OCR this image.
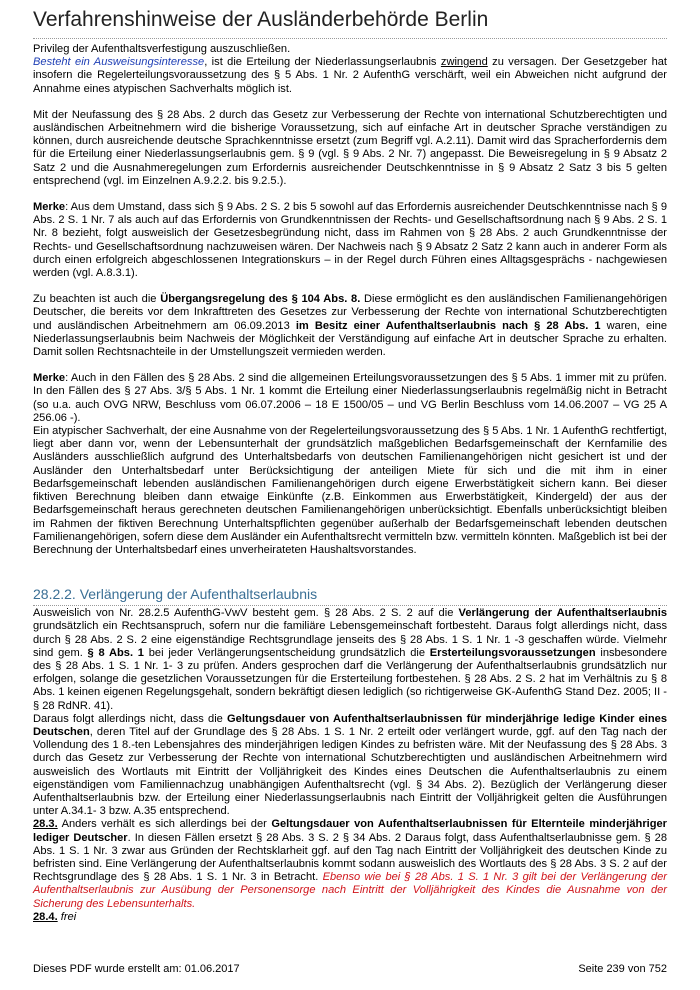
Verfahrenshinweise der Ausländerbehörde Berlin

Privileg der Aufenthaltsverfestigung auszuschließen.
Besteht ein Ausweisungsinteresse, ist die Erteilung der Niederlassungserlaubnis zwingend zu versagen. Der Gesetzgeber hat insofern die Regelerteilungsvoraussetzung des § 5 Abs. 1 Nr. 2 AufenthG verschärft, weil ein Abweichen nicht aufgrund der Annahme eines atypischen Sachverhalts möglich ist.

Mit der Neufassung des § 28 Abs. 2 durch das Gesetz zur Verbesserung der Rechte von international Schutzberechtigten und ausländischen Arbeitnehmern wird die bisherige Voraussetzung, sich auf einfache Art in deutscher Sprache verständigen zu können, durch ausreichende deutsche Sprachkenntnisse ersetzt (zum Begriff vgl. A.2.11). Damit wird das Spracherfordernis dem für die Erteilung einer Niederlassungserlaubnis gem. § 9 (vgl. § 9 Abs. 2 Nr. 7) angepasst. Die Beweisregelung in § 9 Absatz 2 Satz 2 und die Ausnahmeregelungen zum Erfordernis ausreichender Deutschkenntnisse in § 9 Absatz 2 Satz 3 bis 5 gelten entsprechend (vgl. im Einzelnen A.9.2.2. bis 9.2.5.).

Merke: Aus dem Umstand, dass sich § 9 Abs. 2 S. 2 bis 5 sowohl auf das Erfordernis ausreichender Deutschkenntnisse nach § 9 Abs. 2 S. 1 Nr. 7 als auch auf das Erfordernis von Grundkenntnissen der Rechts- und Gesellschaftsordnung nach § 9 Abs. 2 S. 1 Nr. 8 bezieht, folgt ausweislich der Gesetzesbegründung nicht, dass im Rahmen von § 28 Abs. 2 auch Grundkenntnisse der Rechts- und Gesellschaftsordnung nachzuweisen wären. Der Nachweis nach § 9 Absatz 2 Satz 2 kann auch in anderer Form als durch einen erfolgreich abgeschlossenen Integrationskurs – in der Regel durch Führen eines Alltagsgesprächs - nachgewiesen werden (vgl. A.8.3.1).

Zu beachten ist auch die Übergangsregelung des § 104 Abs. 8. Diese ermöglicht es den ausländischen Familienangehörigen Deutscher, die bereits vor dem Inkrafttreten des Gesetzes zur Verbesserung der Rechte von international Schutzberechtigten und ausländischen Arbeitnehmern am 06.09.2013 im Besitz einer Aufenthaltserlaubnis nach § 28 Abs. 1 waren, eine Niederlassungserlaubnis beim Nachweis der Möglichkeit der Verständigung auf einfache Art in deutscher Sprache zu erhalten. Damit sollen Rechtsnachteile in der Umstellungszeit vermieden werden.

Merke: Auch in den Fällen des § 28 Abs. 2 sind die allgemeinen Erteilungsvoraussetzungen des § 5 Abs. 1 immer mit zu prüfen. In den Fällen des § 27 Abs. 3/§ 5 Abs. 1 Nr. 1 kommt die Erteilung einer Niederlassungserlaubnis regelmäßig nicht in Betracht (so u.a. auch OVG NRW, Beschluss vom 06.07.2006 – 18 E 1500/05 – und VG Berlin Beschluss vom 14.06.2007 – VG 25 A 256.06 -).

Ein atypischer Sachverhalt, der eine Ausnahme von der Regelerteilungsvoraussetzung des § 5 Abs. 1 Nr. 1 AufenthG rechtfertigt, liegt aber dann vor, wenn der Lebensunterhalt der grundsätzlich maßgeblichen Bedarfsgemeinschaft der Kernfamilie des Ausländers ausschließlich aufgrund des Unterhaltsbedarfs von deutschen Familienangehörigen nicht gesichert ist und der Ausländer den Unterhaltsbedarf unter Berücksichtigung der anteiligen Miete für sich und die mit ihm in einer Bedarfsgemeinschaft lebenden ausländischen Familienangehörigen durch eigene Erwerbstätigkeit sichern kann. Bei dieser fiktiven Berechnung bleiben dann etwaige Einkünfte (z.B. Einkommen aus Erwerbstätigkeit, Kindergeld) der aus der Bedarfsgemeinschaft heraus gerechneten deutschen Familienangehörigen unberücksichtigt. Ebenfalls unberücksichtigt bleiben im Rahmen der fiktiven Berechnung Unterhaltspflichten gegenüber außerhalb der Bedarfsgemeinschaft lebenden deutschen Familienangehörigen, sofern diese dem Ausländer ein Aufenthaltsrecht vermitteln bzw. vermitteln könnten. Maßgeblich ist bei der Berechnung der Unterhaltsbedarf eines unverheirateten Haushaltsvorstandes.

28.2.2. Verlängerung der Aufenthaltserlaubnis

Ausweislich von Nr. 28.2.5 AufenthG-VwV besteht gem. § 28 Abs. 2 S. 2 auf die Verlängerung der Aufenthaltserlaubnis grundsätzlich ein Rechtsanspruch, sofern nur die familiäre Lebensgemeinschaft fortbesteht. Daraus folgt allerdings nicht, dass durch § 28 Abs. 2 S. 2 eine eigenständige Rechtsgrundlage jenseits des § 28 Abs. 1 S. 1 Nr. 1 -3 geschaffen würde. Vielmehr sind gem. § 8 Abs. 1 bei jeder Verlängerungsentscheidung grundsätzlich die Ersterteilungsvoraussetzungen insbesondere des § 28 Abs. 1 S. 1 Nr. 1- 3 zu prüfen. Anders gesprochen darf die Verlängerung der Aufenthaltserlaubnis grundsätzlich nur erfolgen, solange die gesetzlichen Voraussetzungen für die Ersterteilung fortbestehen. § 28 Abs. 2 S. 2 hat im Verhältnis zu § 8 Abs. 1 keinen eigenen Regelungsgehalt, sondern bekräftigt diesen lediglich (so richtigerweise GK-AufenthG Stand Dez. 2005; II - § 28 RdNR. 41).

Daraus folgt allerdings nicht, dass die Geltungsdauer von Aufenthaltserlaubnissen für minderjährige ledige Kinder eines Deutschen, deren Titel auf der Grundlage des § 28 Abs. 1 S. 1 Nr. 2 erteilt oder verlängert wurde, ggf. auf den Tag nach der Vollendung des 1 8.-ten Lebensjahres des minderjährigen ledigen Kindes zu befristen wäre. Mit der Neufassung des § 28 Abs. 3 durch das Gesetz zur Verbesserung der Rechte von international Schutzberechtigten und ausländischen Arbeitnehmern wird ausweislich des Wortlauts mit Eintritt der Volljährigkeit des Kindes eines Deutschen die Aufenthaltserlaubnis zu einem eigenständigen vom Familiennachzug unabhängigen Aufenthaltsrecht (vgl. § 34 Abs. 2). Bezüglich der Verlängerung dieser Aufenthaltserlaubnis bzw. der Erteilung einer Niederlassungserlaubnis nach Eintritt der Volljährigkeit gelten die Ausführungen unter A.34.1- 3 bzw. A.35 entsprechend.

28.3. Anders verhält es sich allerdings bei der Geltungsdauer von Aufenthaltserlaubnissen für Elternteile minderjähriger lediger Deutscher. In diesen Fällen ersetzt § 28 Abs. 3 S. 2 § 34 Abs. 2 Daraus folgt, dass Aufenthaltserlaubnisse gem. § 28 Abs. 1 S. 1 Nr. 3 zwar aus Gründen der Rechtsklarheit ggf. auf den Tag nach Eintritt der Volljährigkeit des deutschen Kinde zu befristen sind. Eine Verlängerung der Aufenthaltserlaubnis kommt sodann ausweislich des Wortlauts des § 28 Abs. 3 S. 2 auf der Rechtsgrundlage des § 28 Abs. 1 S. 1 Nr. 3 in Betracht. Ebenso wie bei § 28 Abs. 1 S. 1 Nr. 3 gilt bei der Verlängerung der Aufenthaltserlaubnis zur Ausübung der Personensorge nach Eintritt der Volljährigkeit des Kindes die Ausnahme von der Sicherung des Lebensunterhalts.

28.4. frei

Dieses PDF wurde erstellt am: 01.06.2017	Seite 239 von 752
